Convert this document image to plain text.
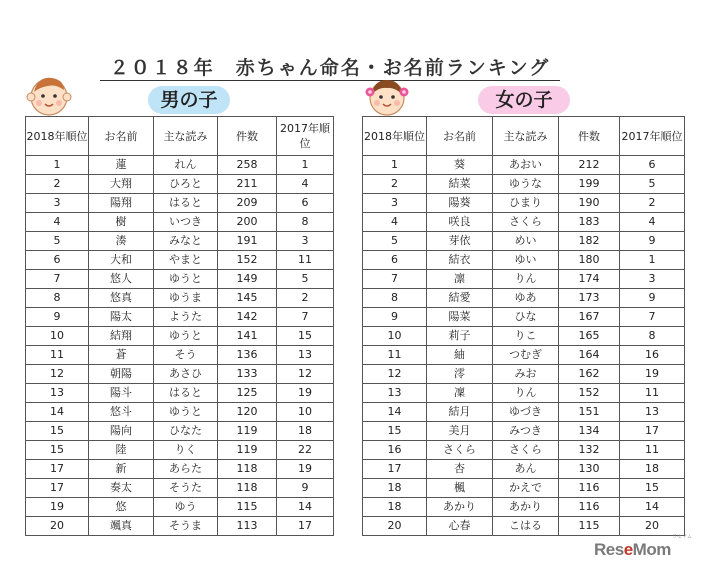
２０１８年　赤ちゃん命名・お名前ランキング
男の子	女の子
2018年順位	お名前	主な読み	件数	2017年順位
1	蓮	れん	258	1
2	大翔	ひろと	211	4
3	陽翔	はると	209	6
4	樹	いつき	200	8
5	湊	みなと	191	3
6	大和	やまと	152	11
7	悠人	ゆうと	149	5
8	悠真	ゆうま	145	2
9	陽太	ようた	142	7
10	結翔	ゆうと	141	15
11	蒼	そう	136	13
12	朝陽	あさひ	133	12
13	陽斗	はると	125	19
14	悠斗	ゆうと	120	10
15	陽向	ひなた	119	18
15	陸	りく	119	22
17	新	あらた	118	19
17	奏太	そうた	118	9
19	悠	ゆう	115	14
20	颯真	そうま	113	17
2018年順位	お名前	主な読み	件数	2017年順位
1	葵	あおい	212	6
2	結菜	ゆうな	199	5
3	陽葵	ひまり	190	2
4	咲良	さくら	183	4
5	芽依	めい	182	9
6	結衣	ゆい	180	1
7	凛	りん	174	3
8	結愛	ゆあ	173	9
9	陽菜	ひな	167	7
10	莉子	りこ	165	8
11	紬	つむぎ	164	16
12	澪	みお	162	19
13	凜	りん	152	11
14	結月	ゆづき	151	13
15	美月	みつき	134	17
16	さくら	さくら	132	11
17	杏	あん	130	18
18	楓	かえで	116	15
18	あかり	あかり	116	14
20	心春	こはる	115	20
ReseMom
リセマム
